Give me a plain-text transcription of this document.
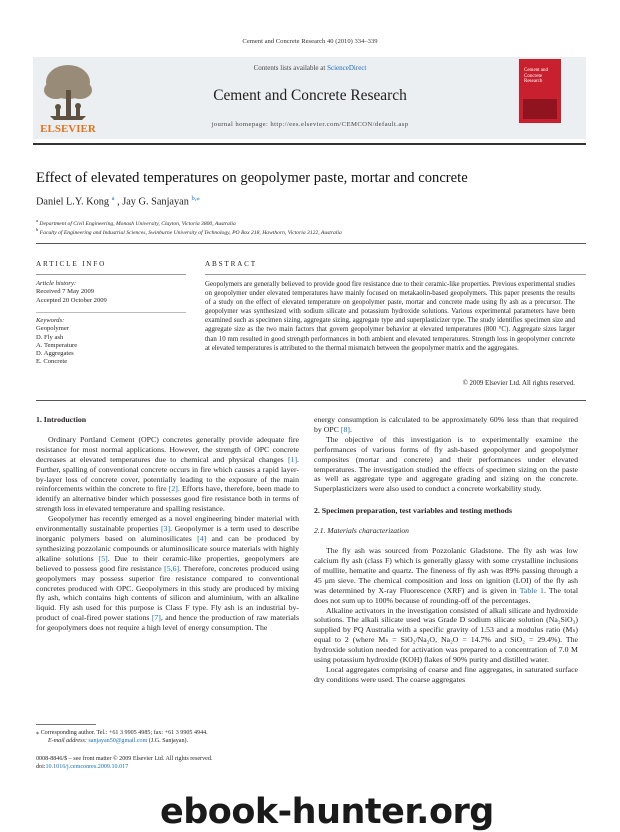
Cement and Concrete Research 40 (2010) 334–339
ELSEVIER
Cement and
Concrete
Research
Contents lists available at ScienceDirect
Cement and Concrete Research
journal homepage: http://ees.elsevier.com/CEMCON/default.asp
Effect of elevated temperatures on geopolymer paste, mortar and concrete
Daniel L.Y. Kong $^a$ , Jay G. Sanjayan $^{b,⁎}$
$^a$ Department of Civil Engineering, Monash University, Clayton, Victoria 3800, Australia
$^b$ Faculty of Engineering and Industrial Sciences, Swinburne University of Technology, PO Box 218, Hawthorn, Victoria 3122, Australia
ARTICLE INFO
Article history:
Received 7 May 2009
Accepted 20 October 2009
Keywords:
Geopolymer
D. Fly ash
A. Temperature
D. Aggregates
E. Concrete
ABSTRACT
Geopolymers are generally believed to provide good fire resistance due to their ceramic-like properties. Previous experimental studies on geopolymer under elevated temperatures have mainly focused on metakaolin-based geopolymers. This paper presents the results of a study on the effect of elevated temperature on geopolymer paste, mortar and concrete made using fly ash as a precursor. The geopolymer was synthesized with sodium silicate and potassium hydroxide solutions. Various experimental parameters have been examined such as specimen sizing, aggregate sizing, aggregate type and superplasticizer type. The study identifies specimen size and aggregate size as the two main factors that govern geopolymer behavior at elevated temperatures (800 °C). Aggregate sizes larger than 10 mm resulted in good strength performances in both ambient and elevated temperatures. Strength loss in geopolymer concrete at elevated temperatures is attributed to the thermal mismatch between the geopolymer matrix and the aggregates.
© 2009 Elsevier Ltd. All rights reserved.

1. Introduction

Ordinary Portland Cement (OPC) concretes generally provide adequate fire resistance for most normal applications. However, the strength of OPC concrete decreases at elevated temperatures due to chemical and physical changes [1]. Further, spalling of conventional concrete occurs in fire which causes a rapid layer-by-layer loss of concrete cover, potentially leading to the exposure of the main reinforcements within the concrete to fire [2]. Efforts have, therefore, been made to identify an alternative binder which possesses good fire resistance both in terms of strength loss in elevated temperature and spalling resistance.

Geopolymer has recently emerged as a novel engineering binder material with environmentally sustainable properties [3]. Geopolymer is a term used to describe inorganic polymers based on aluminosilicates [4] and can be produced by synthesizing pozzolanic compounds or aluminosilicate source materials with highly alkaline solutions [5]. Due to their ceramic-like properties, geopolymers are believed to possess good fire resistance [5,6]. Therefore, concretes produced using geopolymers may possess superior fire resistance compared to conventional concretes produced with OPC. Geopolymers in this study are produced by mixing fly ash, which contains high contents of silicon and aluminium, with an alkaline liquid. Fly ash used for this purpose is Class F type. Fly ash is an industrial by-product of coal-fired power stations [7], and hence the production of raw materials for geopolymers does not require a high level of energy consumption. The

energy consumption is calculated to be approximately 60% less than that required by OPC [8].

The objective of this investigation is to experimentally examine the performances of various forms of fly ash-based geopolymer and geopolymer composites (mortar and concrete) and their performances under elevated temperatures. The investigation studied the effects of specimen sizing on the paste as well as aggregate type and aggregate grading and sizing on the concrete. Superplasticizers were also used to conduct a concrete workability study.

2. Specimen preparation, test variables and testing methods

2.1. Materials characterization

The fly ash was sourced from Pozzolanic Gladstone. The fly ash was low calcium fly ash (class F) which is generally glassy with some crystalline inclusions of mullite, hematite and quartz. The fineness of fly ash was 89% passing through a 45 μm sieve. The chemical composition and loss on ignition (LOI) of the fly ash was determined by X-ray Fluorescence (XRF) and is given in Table 1. The total does not sum up to 100% because of rounding-off of the percentages.

Alkaline activators in the investigation consisted of alkali silicate and hydroxide solutions. The alkali silicate used was Grade D sodium silicate solution (Na₂SiO₃) supplied by PQ Australia with a specific gravity of 1.53 and a modulus ratio (Mₛ) equal to 2 (where Mₛ = SiO₂/Na₂O, Na₂O = 14.7% and SiO₂ = 29.4%). The hydroxide solution needed for activation was prepared to a concentration of 7.0 M using potassium hydroxide (KOH) flakes of 90% purity and distilled water.

Local aggregates comprising of coarse and fine aggregates, in saturated surface dry conditions were used. The coarse aggregates

⁎ Corresponding author. Tel.: +61 3 9905 4985; fax: +61 3 9905 4944.
E-mail address: sanjayan50@gmail.com (J.G. Sanjayan).
0008-8846/$ – see front matter © 2009 Elsevier Ltd. All rights reserved.
doi:10.1016/j.cemconres.2009.10.017
ebook-hunter.org
